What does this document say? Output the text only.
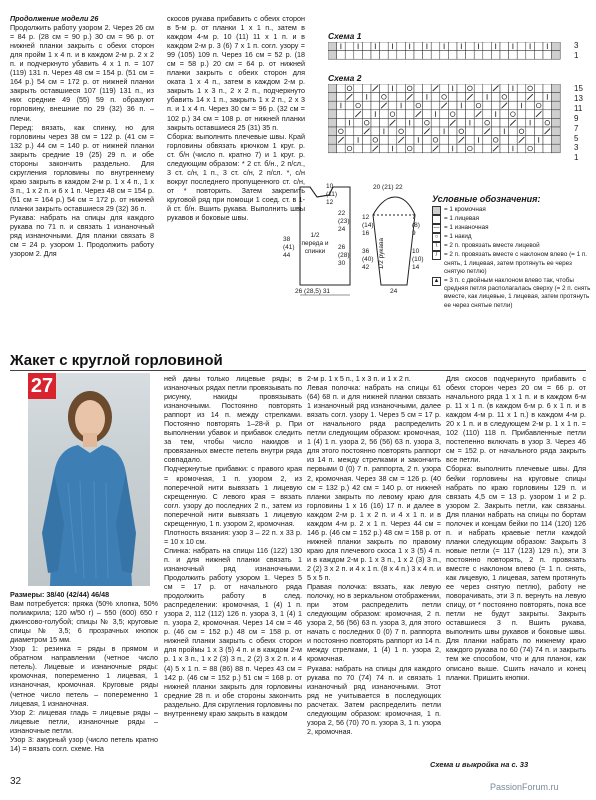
Продолжение модели 26

Продолжить работу узором 2. Через 26 см = 84 р. (28 см = 90 р.) 30 см = 96 р. от нижней планки закрыть с обеих сторон для пройм 1 х 4 п. и в каждом 2-м р. 2 х 2 п. и подчеркнуто убавить 4 х 1 п. = 107 (119) 131 п. Через 48 см = 154 р. (51 см = 164 р.) 54 см = 172 р. от нижней планки закрыть оставшиеся 107 (119) 131 п., из них средние 49 (55) 59 п. образуют горловину, внешние по 29 (32) 36 п. – плечи.

Перед: вязать, как спинку, но для горловины через 38 см = 122 р. (41 см = 132 р.) 44 см = 140 р. от нижней планки закрыть средние 19 (25) 29 п. и обе стороны закончить раздельно. Для скругления горловины по внутреннему краю закрыть в каждом 2-м р. 1 х 4 п., 1 х 3 п., 1 х 2 п. и 6 х 1 п. Через 48 см = 154 р. (51 см = 164 р.) 54 см = 172 р. от нижней планки закрыть оставшиеся 29 (32) 36 п.

Рукава: набрать на спицы для каждого рукава по 71 п. и связать 1 изнаночный ряд изнаночными. Для планки связать 8 см = 24 р. узором 1. Продолжить работу узором 2. Для

скосов рукава прибавить с обеих сторон в 5-м р. от планки 1 х 1 п., затем в каждом 4-м р. 10 (11) 11 х 1 п. и в каждом 2-м р. 3 (6) 7 х 1 п. согл. узору = 99 (105) 109 п. Через 16 см = 52 р. (18 см = 58 р.) 20 см = 64 р. от нижней планки закрыть с обеих сторон для оката 1 х 4 п., затем в каждом 2-м р. закрыть 1 х 3 п., 2 х 2 п., подчеркнуто убавить 14 х 1 п., закрыть 1 х 2 п., 2 х 3 п. и 1 х 4 п. Через 30 см = 96 р. (32 см = 102 р.) 34 см = 108 р. от нижней планки закрыть оставшиеся 25 (31) 35 п.

Сборка: выполнить плечевые швы. Край горловины обвязать крючком 1 круг. р. ст. б/н (число п. кратно 7) и 1 круг. р. следующим образом: * 2 ст. б/н., 2 п/сл., 3 ст. с/н, 1 п., 3 ст. с/н, 2 п/сл. *, с/н вокруг последнего пропущенного ст. с/н, от * повторить. Затем закрепить круговой ряд при помощи 1 соед. ст. в 1-й ст. б/н. Вшить рукава. Выполнить швы рукавов и боковые швы.

Схема 1
3
1
Схема 2
15
13
11
9
7
5
3
1
1/2 переда и спинки	1/2 рукава
26 (28,5) 31	24
20 (21) 22
38
(41)
44
22
(23)
24
26
(28)
30
10
(11)
12
12
(14)
16
36
(40)
42
10
(10)
14
7
(8)
9
Условные обозначения:
= 1 кромочная
= 1 лицевая
— = 1 изнаночная
○ = 1 накид
\	= 2 п. провязать вместе лицевой
/	= 2 п. провязать вместе с наклоном влево (= 1 п. снять, 1 лицевая, затем протянуть ее через снятую петлю)
▲ = 3 п. с двойным наклоном влево так, чтобы средняя петля располагалась сверху (= 2 п. снять вместе, как лицевые, 1 лицевая, затем протянуть ее через снятые петли)
Жакет с круглой горловиной
27

Размеры: 38/40 (42/44) 46/48

Вам потребуется: пряжа (50% хлопка, 50% полиакрила; 120 м/50 г) – 550 (600) 650 г джинсово-голубой; спицы № 3,5; круговые спицы № 3,5; 6 прозрачных кнопок диаметром 15 мм.

Узор 1: резинка = ряды в прямом и обратном направлении (четное число петель). Лицевые и изнаночные ряды: кромочная, попеременно 1 лицевая, 1 изнаночная, кромочная. Круговые ряды (четное число петель – попеременно 1 лицевая, 1 изнаночная.

Узор 2: лицевая гладь = лицевые ряды – лицевые петли, изнаночные ряды – изнаночные петли.

Узор 3: ажурный узор (число петель кратно 14) = вязать согл. схеме. На

ней даны только лицевые ряды; в изнаночных рядах петли провязывать по рисунку, накиды провязывать изнаночными. Постоянно повторять раппорт из 14 п. между стрелками. Постоянно повторять 1–28-й р. При выполнении убавок и прибавок следить за тем, чтобы число накидов и провязанных вместе петель внутри ряда совпадало.

Подчеркнутые прибавки: с правого края = кромочная, 1 п. узором 2, из поперечной нити вывязать 1 лицевую скрещенную. С левого края = вязать согл. узору до последних 2 п., затем из поперечной нити вывязать 1 лицевую скрещенную, 1 п. узором 2, кромочная.

Плотность вязания: узор 3 – 22 п. х 33 р. = 10 х 10 см.

Спинка: набрать на спицы 116 (122) 130 п. и для нижней планки связать 1 изнаночный ряд изнаночными. Продолжить работу узором 1. Через 5 см = 17 р. от начального ряда продолжить работу в след. распределении: кромочная, 1 (4) 1 п. узора 2, 112 (112) 126 п. узора 3, 1 (4) 1 п. узора 2, кромочная. Через 14 см = 46 р. (46 см = 152 р.) 48 см = 158 р. от нижней планки закрыть с обеих сторон для проймы 1 х 3 (5) 4 п. и в каждом 2-м р. 1 х 3 п., 1 х 2 (3) 3 п., 2 (2) 3 х 2 п. и 4 (4) 5 х 1 п. = 88 (86) 88 п. Через 43 см = 142 р. (46 см = 152 р.) 51 см = 168 р. от нижней планки закрыть для горловины средние 28 п. и обе стороны закончить раздельно. Для скругления горловины по внутреннему краю закрыть в каждом

2-м р. 1 х 5 п., 1 х 3 п. и 1 х 2 п.

Левая полочка: набрать на спицы 61 (64) 68 п. и для нижней планки связать 1 изнаночный ряд изнаночными, далее вязать согл. узору 1. Через 5 см = 17 р. от начального ряда распределить петли следующим образом: кромочная, 1 (4) 1 п. узора 2, 56 (56) 63 п. узора 3, для этого постоянно повторять раппорт из 14 п. между стрелками и закончить первыми 0 (0) 7 п. раппорта, 2 п. узора 2, кромочная. Через 38 см = 126 р. (40 см = 132 р.) 42 см = 140 р. от нижней планки закрыть по левому краю для горловины 1 х 16 (16) 17 п. и далее в каждом 2-м р. 1 х 2 п. и 4 х 1 п. и в каждом 4-м р. 2 х 1 п. Через 44 см = 146 р. (46 см = 152 р.) 48 см = 158 р. от нижней планки закрыть по правому краю для плечевого скоса 1 х 3 (5) 4 п. и в каждом 2-м р. 1 х 3 п., 1 х 2 (3) 3 п., 2 (2) 3 х 2 п. и 4 х 1 п. (8 х 4 п.) 3 х 4 п. и 5 х 5 п.

Правая полочка: вязать, как левую полочку, но в зеркальном отображении, при этом распределить петли следующим образом: кромочная, 2 п. узора 2, 56 (56) 63 п. узора 3, для этого начать с последних 0 (0) 7 п. раппорта и постоянно повторять раппорт из 14 п. между стрелками, 1 (4) 1 п. узора 2, кромочная.

Рукава: набрать на спицы для каждого рукава по 70 (74) 74 п. и связать 1 изнаночный ряд изнаночными. Этот ряд не учитывается в последующих расчетах. Затем распределить петли следующим образом: кромочная, 1 п. узора 2, 56 (70) 70 п. узора 3, 1 п. узора 2, кромочная.

Для скосов подчеркнуто прибавить с обеих сторон через 20 см = 66 р. от начального ряда 1 х 1 п. и в каждом 6-м р. 11 х 1 п. (в каждом 6-м р. 6 х 1 п. и в каждом 4-м р. 11 х 1 п.) в каждом 4-м р. 20 х 1 п. и в следующем 2-м р. 1 х 1 п. = 102 (110) 118 п. Прибавленные петли постепенно включать в узор 3. Через 46 см = 152 р. от начального ряда закрыть все петли.

Сборка: выполнить плечевые швы. Для бейки горловины на круговые спицы набрать по краю горловины 129 п. и связать 4,5 см = 13 р. узором 1 и 2 р. узором 2. Закрыть петли, как связаны. Для планки набрать на спицы по бортам полочек и концам бейки по 114 (120) 126 п. и набрать краевые петли каждой планки следующим образом: Закрыть 3 новые петли (= 117 (123) 129 п.), эти 3 постоянно повторять, 2 п. провязать вместе с наклоном влево (= 1 п. снять, как лицевую, 1 лицевая, затем протянуть ее через снятую петлю), работу не поворачивать, эти 3 п. вернуть на левую спицу, от * постоянно повторять, пока все петли не будут закрыты. Закрыть оставшиеся 3 п. Вшить рукава, выполнить швы рукавов и боковые швы. Для планки набрать по нижнему краю каждого рукава по 60 (74) 74 п. и закрыть тем же способом, что и для планок, как описано выше. Сшить начало и конец планки. Пришить кнопки.

Схема и выкройка на с. 33
32	PassionForum.ru
